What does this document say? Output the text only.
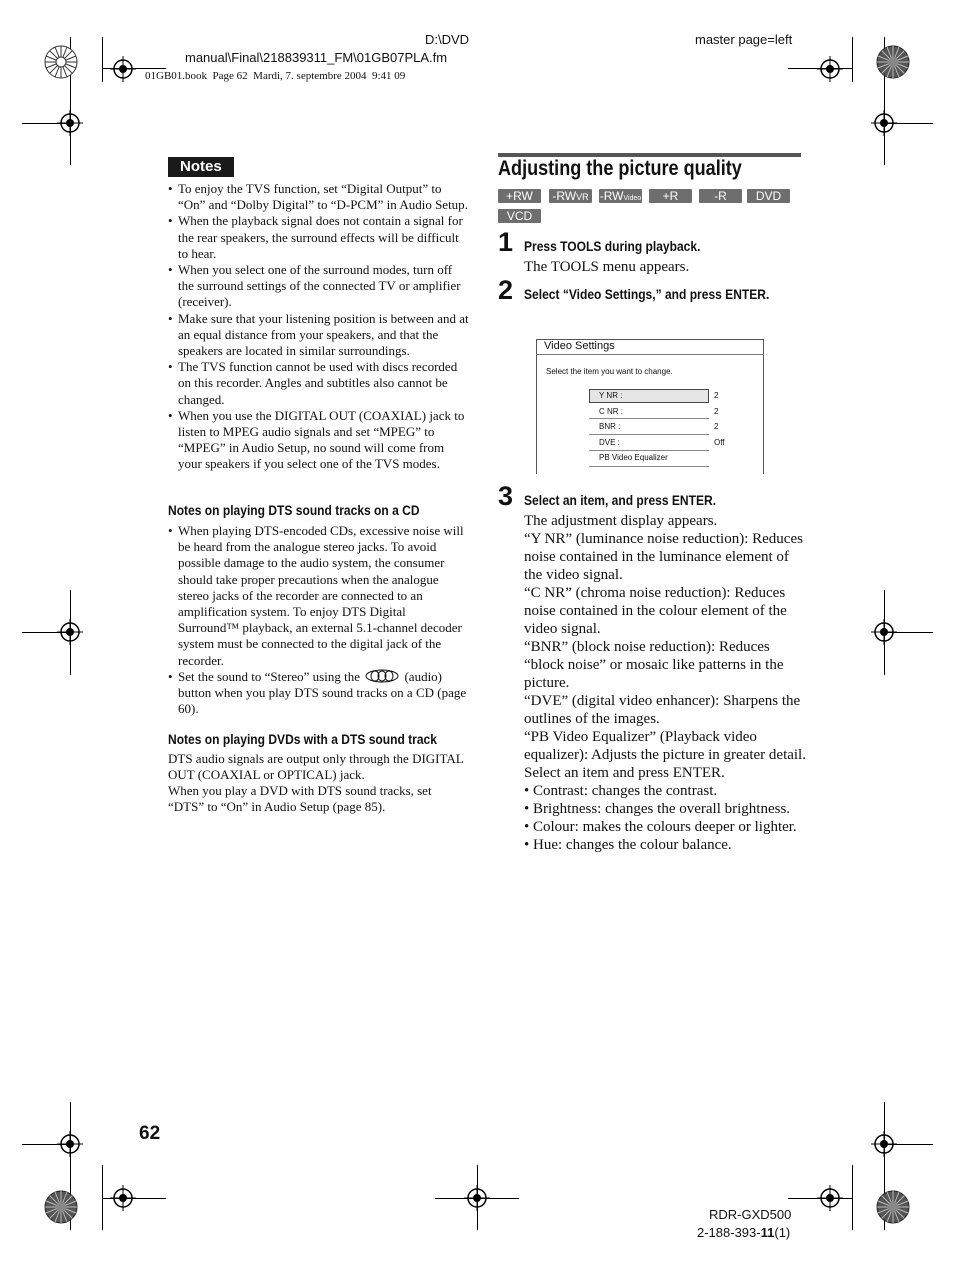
D:\DVD
manual\Final\218839311_FM\01GB07PLA.fm
master page=left
01GB01.book  Page 62  Mardi, 7. septembre 2004  9:41 09
Notes
• To enjoy the TVS function, set “Digital Output” to “On” and “Dolby Digital” to “D-PCM” in Audio Setup.
• When the playback signal does not contain a signal for the rear speakers, the surround effects will be difficult to hear.
• When you select one of the surround modes, turn off the surround settings of the connected TV or amplifier (receiver).
• Make sure that your listening position is between and at an equal distance from your speakers, and that the speakers are located in similar surroundings.
• The TVS function cannot be used with discs recorded on this recorder. Angles and subtitles also cannot be changed.
• When you use the DIGITAL OUT (COAXIAL) jack to listen to MPEG audio signals and set “MPEG” to “MPEG” in Audio Setup, no sound will come from your speakers if you select one of the TVS modes.
Notes on playing DTS sound tracks on a CD
• When playing DTS-encoded CDs, excessive noise will be heard from the analogue stereo jacks. To avoid possible damage to the audio system, the consumer should take proper precautions when the analogue stereo jacks of the recorder are connected to an amplification system. To enjoy DTS Digital Surround™ playback, an external 5.1-channel decoder system must be connected to the digital jack of the recorder.
• Set the sound to “Stereo” using the	(audio) button when you play DTS sound tracks on a CD (page 60).
Notes on playing DVDs with a DTS sound track
DTS audio signals are output only through the DIGITAL OUT (COAXIAL or OPTICAL) jack.
When you play a DVD with DTS sound tracks, set “DTS” to “On” in Audio Setup (page 85).
Adjusting the picture quality
+RW	-RWVR -RWVideo	+R	-R	DVD
VCD
1 Press TOOLS during playback.
The TOOLS menu appears.
2 Select “Video Settings,” and press ENTER.
Video Settings
Select the item you want to change.
Y NR :	2
C NR :	2
BNR :	2
DVE :	Off
PB Video Equalizer
3 Select an item, and press ENTER.

The adjustment display appears.

“Y NR” (luminance noise reduction): Reduces noise contained in the luminance element of the video signal.

“C NR” (chroma noise reduction): Reduces noise contained in the colour element of the video signal.

“BNR” (block noise reduction): Reduces “block noise” or mosaic like patterns in the picture.

“DVE” (digital video enhancer): Sharpens the outlines of the images.

“PB Video Equalizer” (Playback video equalizer): Adjusts the picture in greater detail.

Select an item and press ENTER.

• Contrast: changes the contrast.

• Brightness: changes the overall brightness.

• Colour: makes the colours deeper or lighter.

• Hue: changes the colour balance.

62
RDR-GXD500
2-188-393-11(1)
